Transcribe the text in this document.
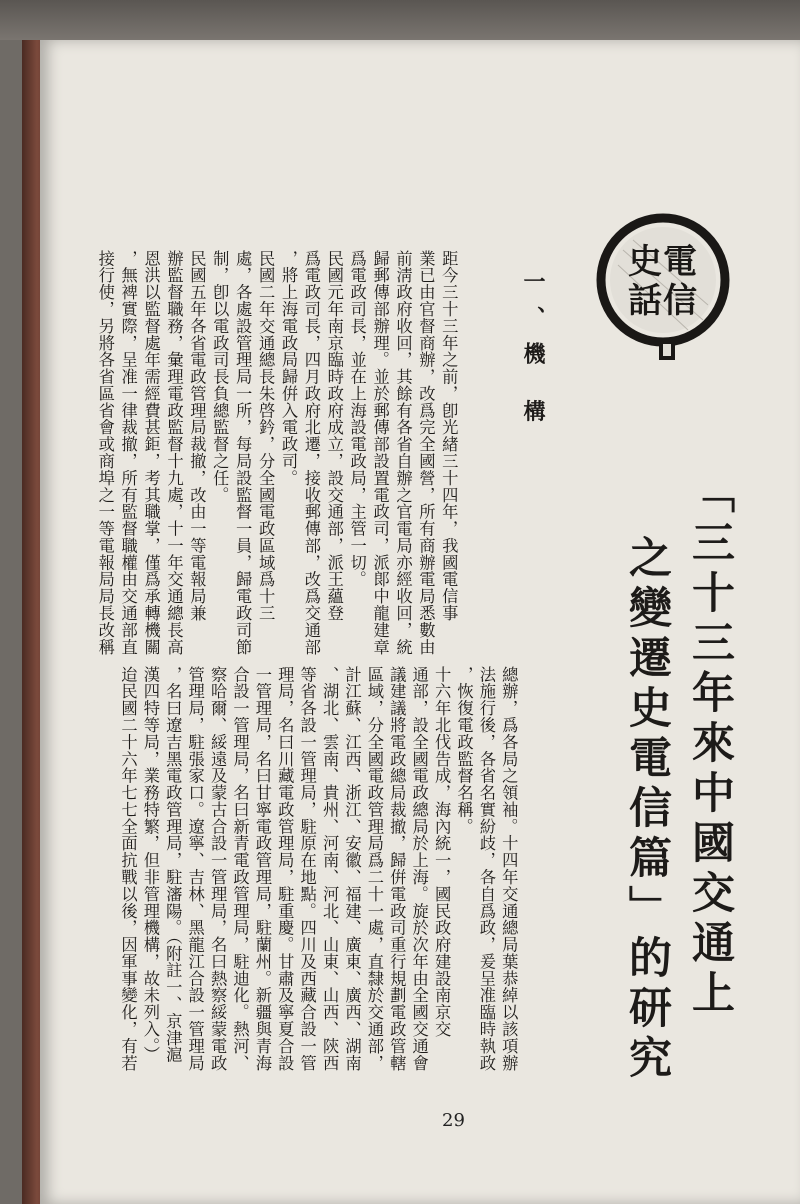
電
信
史
話
「三十三年來中國交通上
之變遷史電信篇」的研究
一、機 構
距今三十三年之前，卽光緖三十四年，我國電信事
業已由官督商辦，改爲完全國營，所有商辦電局悉數由
前淸政府收回，其餘有各省自辦之官電局亦經收回，統
歸郵傳部辦理。並於郵傳部設置電政司，派郞中龍建章
爲電政司長，並在上海設電政局，主管一切。
民國元年南京臨時政府成立，設交通部，派王蘊登
爲電政司長，四月政府北遷，接收郵傳部，改爲交通部
，將上海電政局歸倂入電政司。
民國二年交通總長朱啓鈐，分全國電政區域爲十三
處，各處設管理局一所，每局設監督一員，歸電政司節
制，卽以電政司長負總監督之任。
民國五年各省電政管理局裁撤，改由一等電報局兼
辦監督職務，彙理電政監督十九處，十一年交通總長高
恩洪以監督處年需經費甚鉅，考其職掌，僅爲承轉機關
，無裨實際，呈准一律裁撤，所有監督職權由交通部直
接行使，另將各省區省會或商埠之一等電報局局長改稱
總辦，爲各局之領袖。十四年交通總局葉恭綽以該項辦
法施行後，各省名實紛歧，各自爲政，爰呈准臨時執政
，恢復電政監督名稱。
十六年北伐告成，海內統一，國民政府建設南京交
通部，設全國電政總局於上海。旋於次年由全國交通會
議建議將電政總局裁撤，歸倂電政司重行規劃電政管轄
區域，分全國電政管理局爲二十一處，直隸於交通部，
計江蘇、江西、浙江、安徽、福建、廣東、廣西、湖南
、湖北、雲南、貴州、河南、河北、山東、山西、陝西
等省各設一管理局，駐原在地點。四川及西藏合設一管
理局，名曰川藏電政管理局，駐重慶。甘肅及寧夏合設
一管理局，名曰甘寧電政管理局，駐蘭州。新疆與青海
合設一管理局，名曰新青電政管理局，駐迪化。熱河、
察哈爾、綏遠及蒙古合設一管理局，名曰熱察綏蒙電政
管理局，駐張家口。遼寧、吉林、黑龍江合設一管理局
，名曰遼吉黑電政管理局，駐瀋陽。（附註一、京津滬
漢四特等局，業務特繁，但非管理機構，故未列入。）
迨民國二十六年七七全面抗戰以後，因軍事變化，有若
29
